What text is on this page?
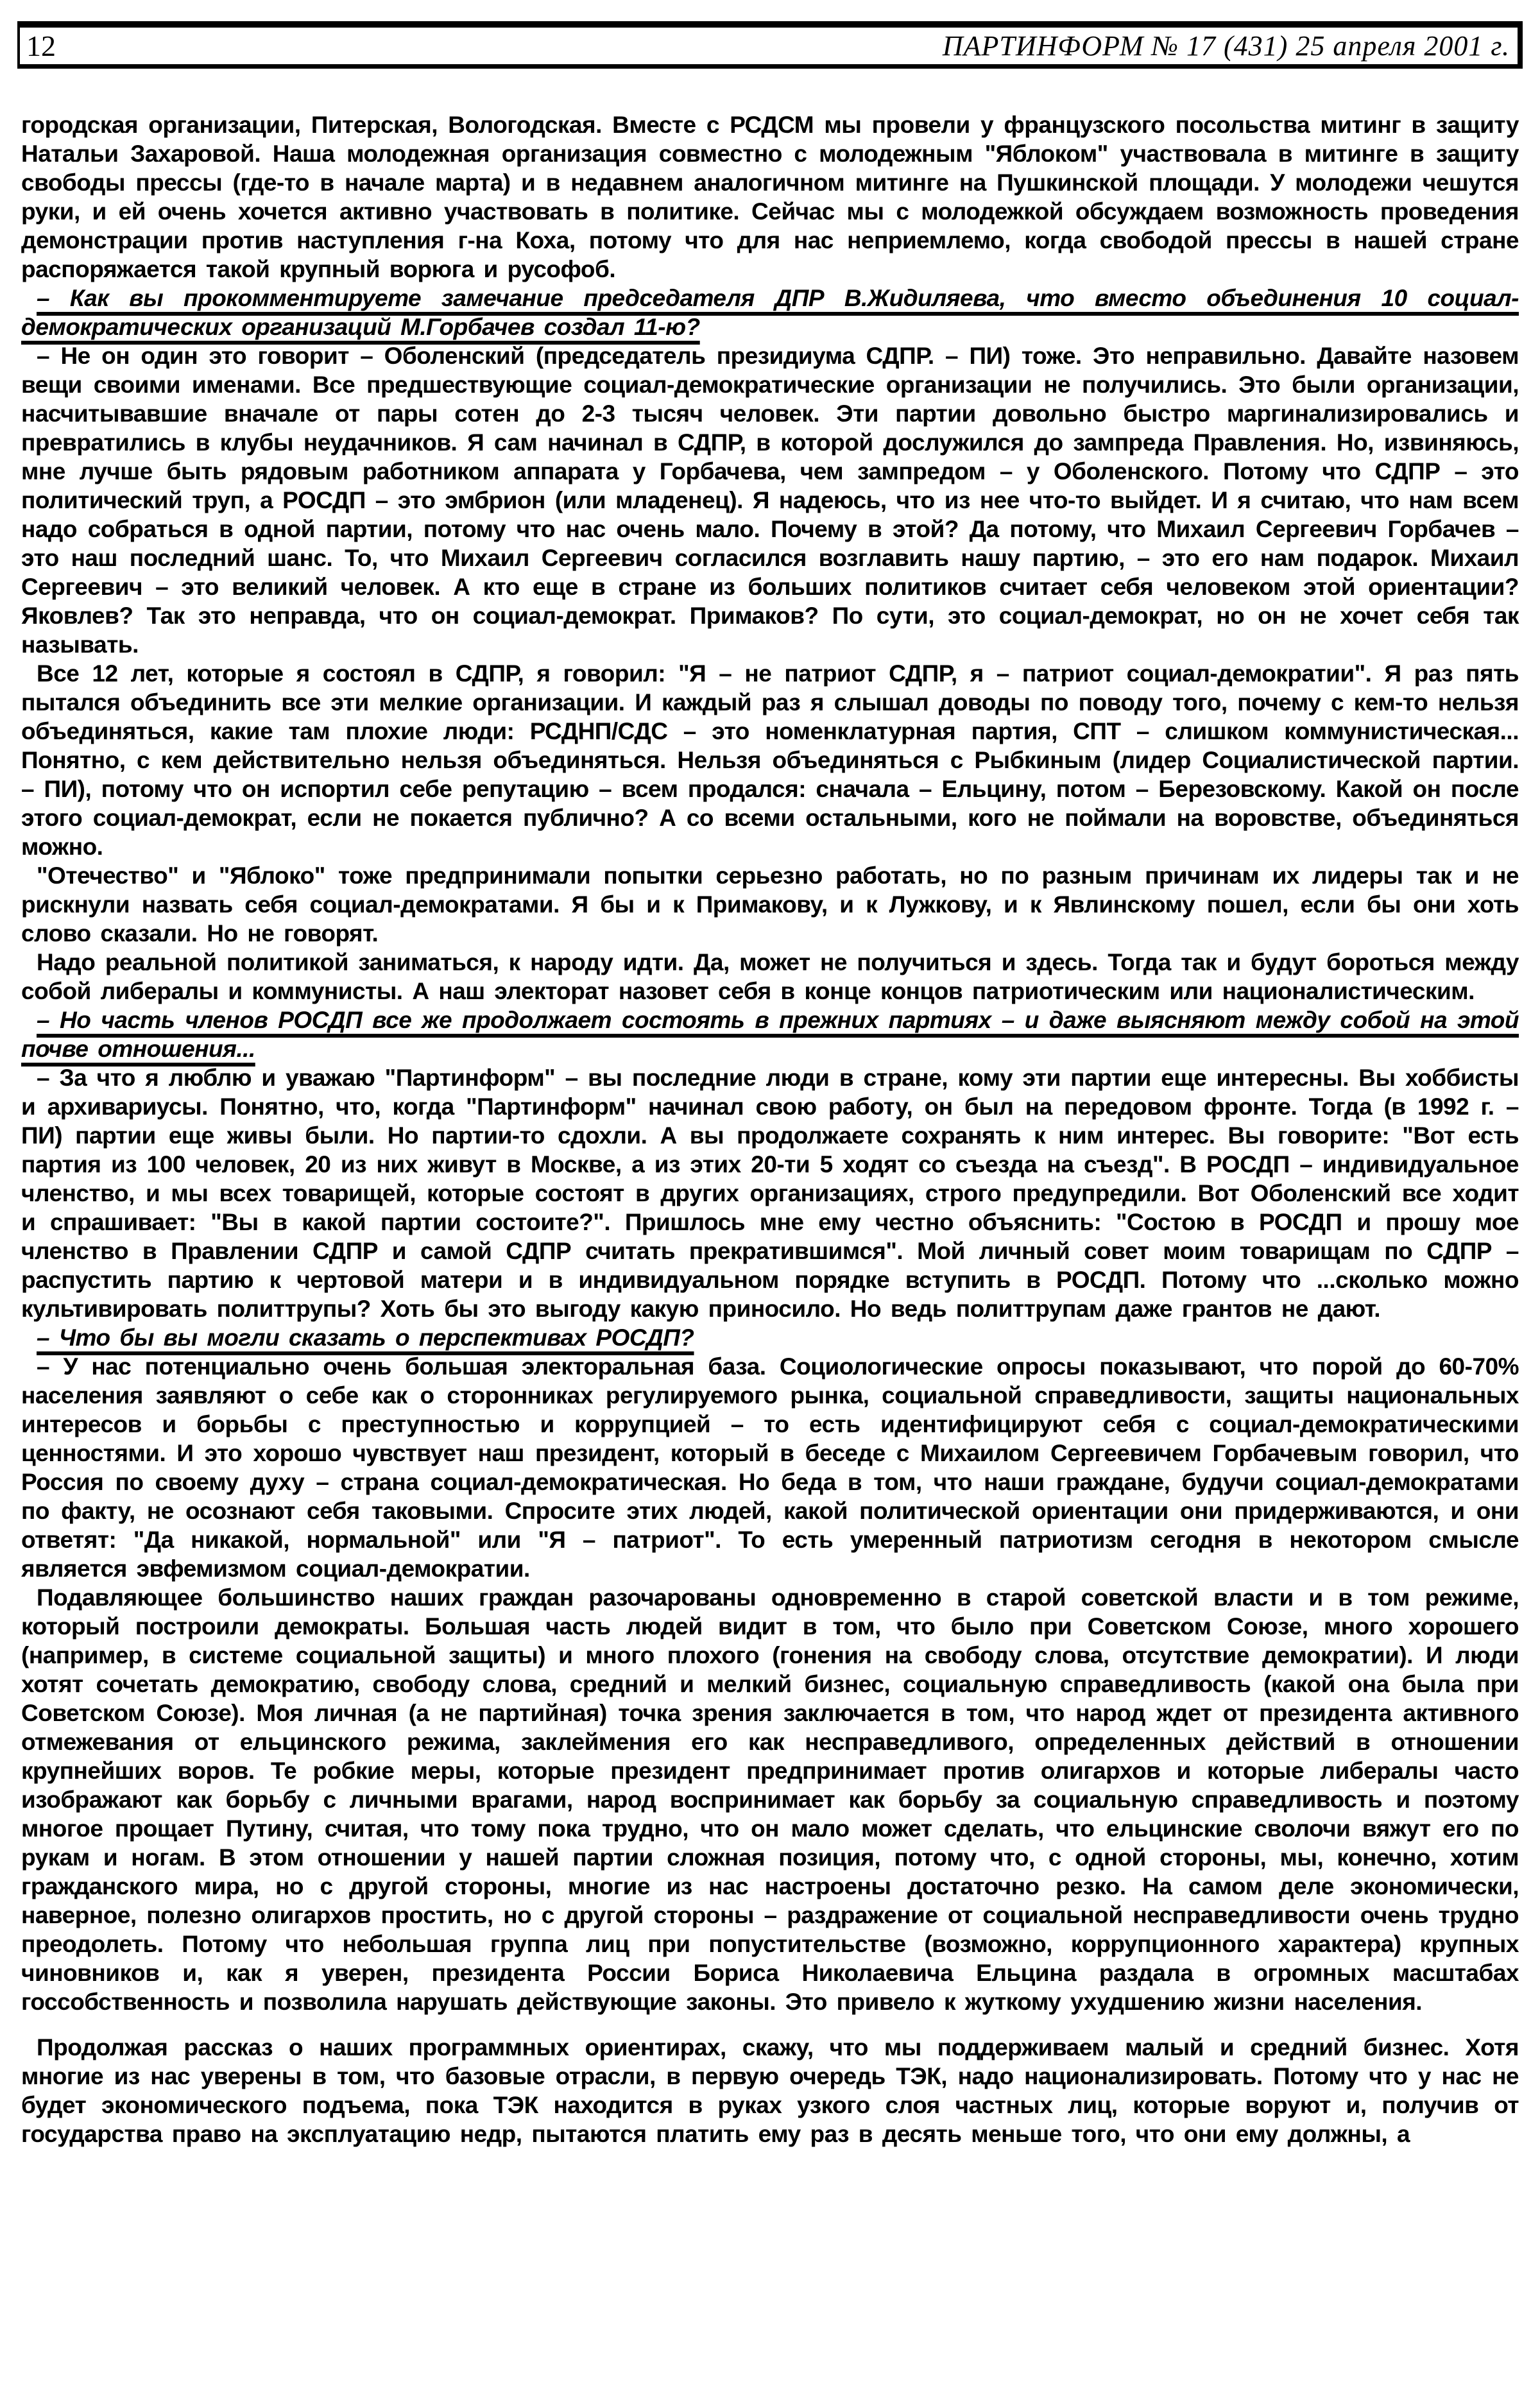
12	ПАРТИНФОРМ № 17 (431) 25 апреля 2001 г.

городская организации, Питерская, Вологодская. Вместе с РСДСМ мы провели у французского посольства митинг в защиту Натальи Захаровой. Наша молодежная организация совместно с молодежным "Яблоком" участвовала в митинге в защиту свободы прессы (где-то в начале марта) и в недавнем аналогичном митинге на Пушкинской площади. У молодежи чешутся руки, и ей очень хочется активно участвовать в политике. Сейчас мы с молодежкой обсуждаем возможность проведения демонстрации против наступления г-на Коха, потому что для нас неприемлемо, когда свободой прессы в нашей стране распоряжается такой крупный ворюга и русофоб.

– Как вы прокомментируете замечание председателя ДПР В.Жидиляева, что вместо объединения 10 социал-демократических организаций М.Горбачев создал 11-ю?

– Не он один это говорит – Оболенский (председатель президиума СДПР. – ПИ) тоже. Это неправильно. Давайте назовем вещи своими именами. Все предшествующие социал-демократические организации не получились. Это были организации, насчитывавшие вначале от пары сотен до 2-3 тысяч человек. Эти партии довольно быстро маргинализировались и превратились в клубы неудачников. Я сам начинал в СДПР, в которой дослужился до зампреда Правления. Но, извиняюсь, мне лучше быть рядовым работником аппарата у Горбачева, чем зампредом – у Оболенского. Потому что СДПР – это политический труп, а РОСДП – это эмбрион (или младенец). Я надеюсь, что из нее что-то выйдет. И я считаю, что нам всем надо собраться в одной партии, потому что нас очень мало. Почему в этой? Да потому, что Михаил Сергеевич Горбачев – это наш последний шанс. То, что Михаил Сергеевич согласился возглавить нашу партию, – это его нам подарок. Михаил Сергеевич – это великий человек. А кто еще в стране из больших политиков считает себя человеком этой ориентации? Яковлев? Так это неправда, что он социал-демократ. Примаков? По сути, это социал-демократ, но он не хочет себя так называть.

Все 12 лет, которые я состоял в СДПР, я говорил: "Я – не патриот СДПР, я – патриот социал-демократии". Я раз пять пытался объединить все эти мелкие организации. И каждый раз я слышал доводы по поводу того, почему с кем-то нельзя объединяться, какие там плохие люди: РСДНП/СДС – это номенклатурная партия, СПТ – слишком коммунистическая... Понятно, с кем действительно нельзя объединяться. Нельзя объединяться с Рыбкиным (лидер Социалистической партии. – ПИ), потому что он испортил себе репутацию – всем продался: сначала – Ельцину, потом – Березовскому. Какой он после этого социал-демократ, если не покается публично? А со всеми остальными, кого не поймали на воровстве, объединяться можно.

"Отечество" и "Яблоко" тоже предпринимали попытки серьезно работать, но по разным причинам их лидеры так и не рискнули назвать себя социал-демократами. Я бы и к Примакову, и к Лужкову, и к Явлинскому пошел, если бы они хоть слово сказали. Но не говорят.

Надо реальной политикой заниматься, к народу идти. Да, может не получиться и здесь. Тогда так и будут бороться между собой либералы и коммунисты. А наш электорат назовет себя в конце концов патриотическим или националистическим.

– Но часть членов РОСДП все же продолжает состоять в прежних партиях – и даже выясняют между собой на этой почве отношения...

– За что я люблю и уважаю "Партинформ" – вы последние люди в стране, кому эти партии еще интересны. Вы хоббисты и архивариусы. Понятно, что, когда "Партинформ" начинал свою работу, он был на передовом фронте. Тогда (в 1992 г. – ПИ) партии еще живы были. Но партии-то сдохли. А вы продолжаете сохранять к ним интерес. Вы говорите: "Вот есть партия из 100 человек, 20 из них живут в Москве, а из этих 20-ти 5 ходят со съезда на съезд". В РОСДП – индивидуальное членство, и мы всех товарищей, которые состоят в других организациях, строго предупредили. Вот Оболенский все ходит и спрашивает: "Вы в какой партии состоите?". Пришлось мне ему честно объяснить: "Состою в РОСДП и прошу мое членство в Правлении СДПР и самой СДПР считать прекратившимся". Мой личный совет моим товарищам по СДПР – распустить партию к чертовой матери и в индивидуальном порядке вступить в РОСДП. Потому что ...сколько можно культивировать политтрупы? Хоть бы это выгоду какую приносило. Но ведь политтрупам даже грантов не дают.

– Что бы вы могли сказать о перспективах РОСДП?

– У нас потенциально очень большая электоральная база. Социологические опросы показывают, что порой до 60-70% населения заявляют о себе как о сторонниках регулируемого рынка, социальной справедливости, защиты национальных интересов и борьбы с преступностью и коррупцией – то есть идентифицируют себя с социал-демократическими ценностями. И это хорошо чувствует наш президент, который в беседе с Михаилом Сергеевичем Горбачевым говорил, что Россия по своему духу – страна социал-демократическая. Но беда в том, что наши граждане, будучи социал-демократами по факту, не осознают себя таковыми. Спросите этих людей, какой политической ориентации они придерживаются, и они ответят: "Да никакой, нормальной" или "Я – патриот". То есть умеренный патриотизм сегодня в некотором смысле является эвфемизмом социал-демократии.

Подавляющее большинство наших граждан разочарованы одновременно в старой советской власти и в том режиме, который построили демократы. Большая часть людей видит в том, что было при Советском Союзе, много хорошего (например, в системе социальной защиты) и много плохого (гонения на свободу слова, отсутствие демократии). И люди хотят сочетать демократию, свободу слова, средний и мелкий бизнес, социальную справедливость (какой она была при Советском Союзе). Моя личная (а не партийная) точка зрения заключается в том, что народ ждет от президента активного отмежевания от ельцинского режима, заклеймения его как несправедливого, определенных действий в отношении крупнейших воров. Те робкие меры, которые президент предпринимает против олигархов и которые либералы часто изображают как борьбу с личными врагами, народ воспринимает как борьбу за социальную справедливость и поэтому многое прощает Путину, считая, что тому пока трудно, что он мало может сделать, что ельцинские сволочи вяжут его по рукам и ногам. В этом отношении у нашей партии сложная позиция, потому что, с одной стороны, мы, конечно, хотим гражданского мира, но с другой стороны, многие из нас настроены достаточно резко. На самом деле экономически, наверное, полезно олигархов простить, но с другой стороны – раздражение от социальной несправедливости очень трудно преодолеть. Потому что небольшая группа лиц при попустительстве (возможно, коррупционного характера) крупных чиновников и, как я уверен, президента России Бориса Николаевича Ельцина раздала в огромных масштабах госсобственность и позволила нарушать действующие законы. Это привело к жуткому ухудшению жизни населения.

Продолжая рассказ о наших программных ориентирах, скажу, что мы поддерживаем малый и средний бизнес. Хотя многие из нас уверены в том, что базовые отрасли, в первую очередь ТЭК, надо национализировать. Потому что у нас не будет экономического подъема, пока ТЭК находится в руках узкого слоя частных лиц, которые воруют и, получив от государства право на эксплуатацию недр, пытаются платить ему раз в десять меньше того, что они ему должны, а
